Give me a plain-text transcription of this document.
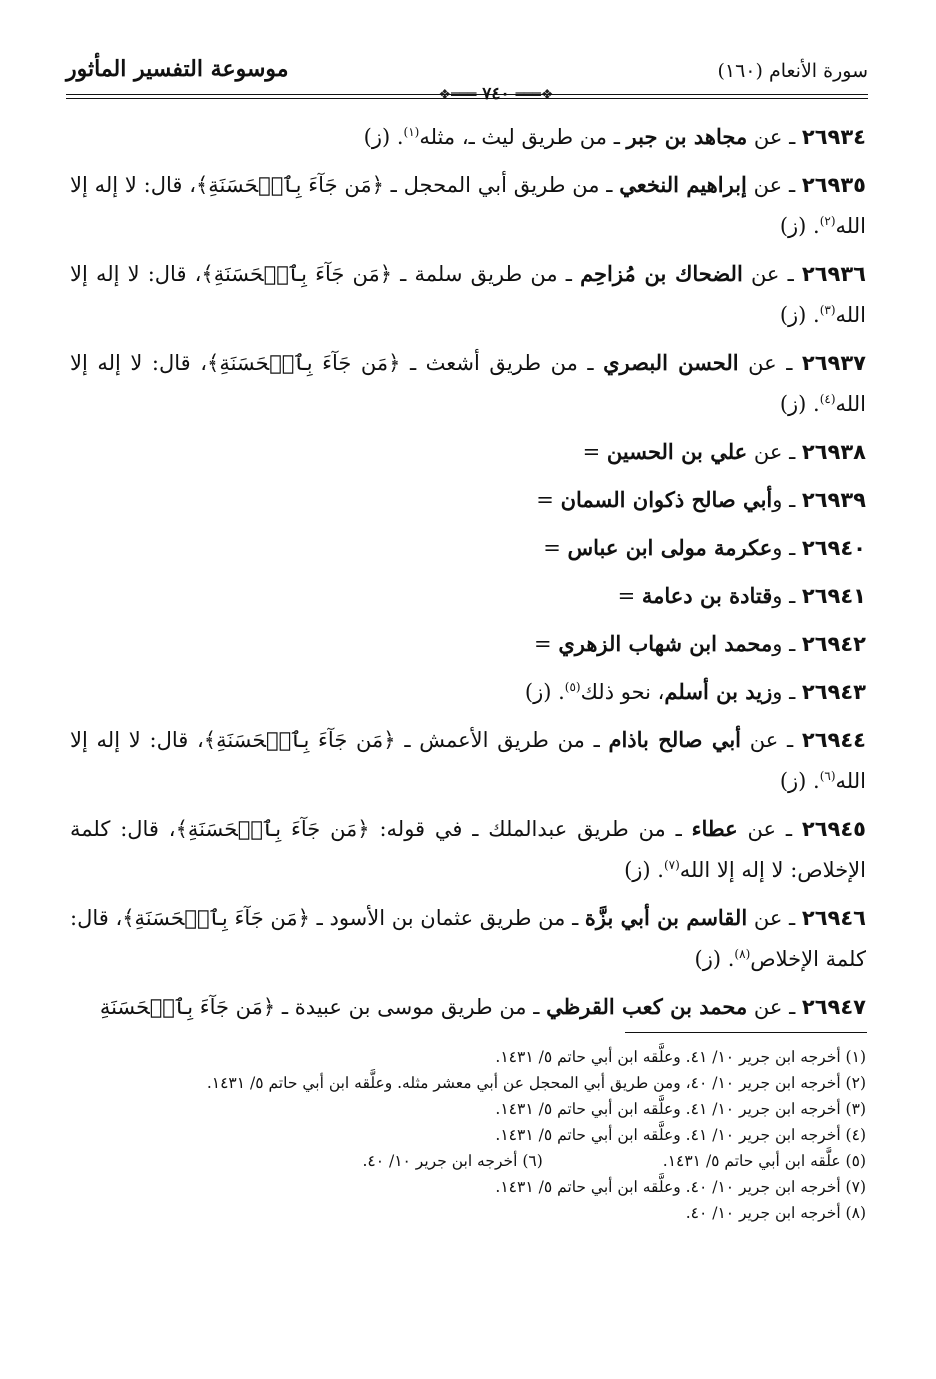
موسوعة التفسير المأثور	سورة الأنعام (١٦٠)
❖═══ ٧٤٠ ═══❖

٢٦٩٣٤ ـ عن مجاهد بن جبر ـ من طريق ليث ـ، مثله$^{(١)}$. (ز)

٢٦٩٣٥ ـ عن إبراهيم النخعي ـ من طريق أبي المحجل ـ ﴿مَن جَآءَ بِٱلۡحَسَنَةِ﴾، قال: لا إله إلا الله$^{(٢)}$. (ز)

٢٦٩٣٦ ـ عن الضحاك بن مُزاحِم ـ من طريق سلمة ـ ﴿مَن جَآءَ بِٱلۡحَسَنَةِ﴾، قال: لا إله إلا الله$^{(٣)}$. (ز)

٢٦٩٣٧ ـ عن الحسن البصري ـ من طريق أشعث ـ ﴿مَن جَآءَ بِٱلۡحَسَنَةِ﴾، قال: لا إله إلا الله$^{(٤)}$. (ز)

٢٦٩٣٨ ـ عن علي بن الحسين =

٢٦٩٣٩ ـ وأبي صالح ذكوان السمان =

٢٦٩٤٠ ـ وعكرمة مولى ابن عباس =

٢٦٩٤١ ـ وقتادة بن دعامة =

٢٦٩٤٢ ـ ومحمد ابن شهاب الزهري =

٢٦٩٤٣ ـ وزيد بن أسلم، نحو ذلك$^{(٥)}$. (ز)

٢٦٩٤٤ ـ عن أبي صالح باذام ـ من طريق الأعمش ـ ﴿مَن جَآءَ بِٱلۡحَسَنَةِ﴾، قال: لا إله إلا الله$^{(٦)}$. (ز)

٢٦٩٤٥ ـ عن عطاء ـ من طريق عبدالملك ـ في قوله: ﴿مَن جَآءَ بِٱلۡحَسَنَةِ﴾، قال: كلمة الإخلاص: لا إله إلا الله$^{(٧)}$. (ز)

٢٦٩٤٦ ـ عن القاسم بن أبي بزَّة ـ من طريق عثمان بن الأسود ـ ﴿مَن جَآءَ بِٱلۡحَسَنَةِ﴾، قال: كلمة الإخلاص$^{(٨)}$. (ز)

٢٦٩٤٧ ـ عن محمد بن كعب القرظي ـ من طريق موسى بن عبيدة ـ ﴿مَن جَآءَ بِٱلۡحَسَنَةِ

(١) أخرجه ابن جرير ١٠/ ٤١. وعلَّقه ابن أبي حاتم ٥/ ١٤٣١.

(٢) أخرجه ابن جرير ١٠/ ٤٠، ومن طريق أبي المحجل عن أبي معشر مثله. وعلَّقه ابن أبي حاتم ٥/ ١٤٣١.

(٣) أخرجه ابن جرير ١٠/ ٤١. وعلَّقه ابن أبي حاتم ٥/ ١٤٣١.

(٤) أخرجه ابن جرير ١٠/ ٤١. وعلَّقه ابن أبي حاتم ٥/ ١٤٣١.

(٥) علَّقه ابن أبي حاتم ٥/ ١٤٣١.

(٦) أخرجه ابن جرير ١٠/ ٤٠.

(٧) أخرجه ابن جرير ١٠/ ٤٠. وعلَّقه ابن أبي حاتم ٥/ ١٤٣١.

(٨) أخرجه ابن جرير ١٠/ ٤٠.
